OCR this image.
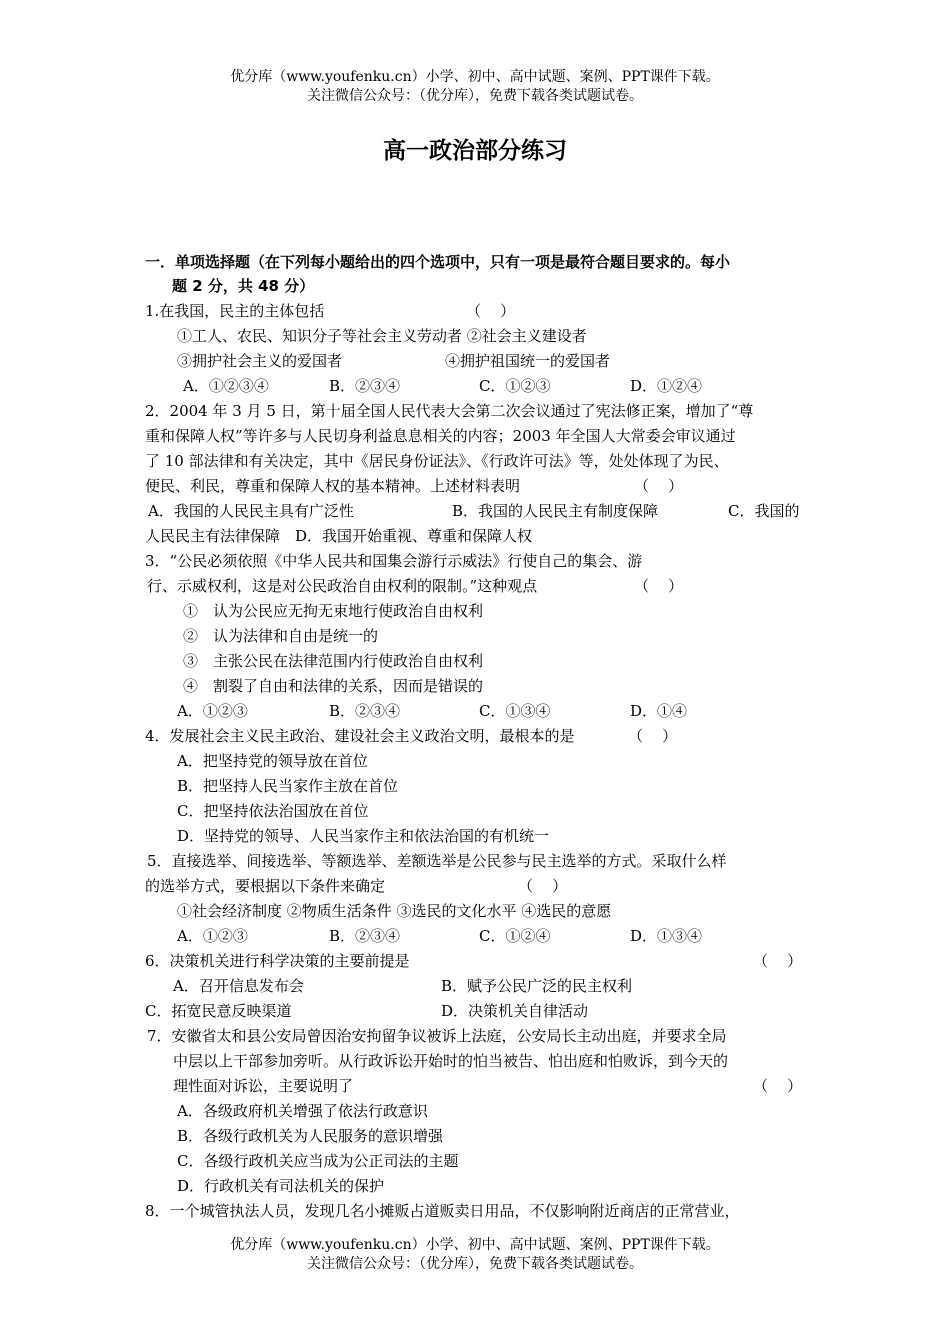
优分库（www.youfenku.cn）小学、初中、高中试题、案例、PPT课件下载。
关注微信公众号：（优分库），免费下载各类试题试卷。
高一政治部分练习
一．单项选择题（在下列每小题给出的四个选项中，只有一项是最符合题目要求的。每小
题 2 分，共 48 分）
1.在我国，民主的主体包括	（    ）
①工人、农民、知识分子等社会主义劳动者 ②社会主义建设者
③拥护社会主义的爱国者	④拥护祖国统一的爱国者
A．①②③④	B．②③④	C．①②③	D．①②④
2．2004 年 3 月 5 日，第十届全国人民代表大会第二次会议通过了宪法修正案，增加了“尊
重和保障人权”等许多与人民切身利益息息相关的内容；2003 年全国人大常委会审议通过
了 10 部法律和有关决定，其中《居民身份证法》、《行政许可法》等，处处体现了为民、
便民、利民，尊重和保障人权的基本精神。上述材料表明	（    ）
A．我国的人民民主具有广泛性	B．我国的人民民主有制度保障	C．我国的
人民民主有法律保障　D．我国开始重视、尊重和保障人权
3．“公民必须依照《中华人民共和国集会游行示威法》行使自己的集会、游
行、示威权利，这是对公民政治自由权利的限制。”这种观点	（    ）
①　认为公民应无拘无束地行使政治自由权利
②　认为法律和自由是统一的
③　主张公民在法律范围内行使政治自由权利
④　割裂了自由和法律的关系，因而是错误的
A．①②③	B．②③④	C．①③④	D．①④
4．发展社会主义民主政治、建设社会主义政治文明，最根本的是	（    ）
A．把坚持党的领导放在首位
B．把坚持人民当家作主放在首位
C．把坚持依法治国放在首位
D．坚持党的领导、人民当家作主和依法治国的有机统一
5．直接选举、间接选举、等额选举、差额选举是公民参与民主选举的方式。采取什么样
的选举方式，要根据以下条件来确定	（    ）
①社会经济制度 ②物质生活条件 ③选民的文化水平 ④选民的意愿
A．①②③	B．②③④	C．①②④	D．①③④
6．决策机关进行科学决策的主要前提是	（    ）
A．召开信息发布会	B．赋予公民广泛的民主权利
C．拓宽民意反映渠道	D．决策机关自律活动
7．安徽省太和县公安局曾因治安拘留争议被诉上法庭，公安局长主动出庭，并要求全局
中层以上干部参加旁听。从行政诉讼开始时的怕当被告、怕出庭和怕败诉，到今天的
理性面对诉讼，主要说明了	（    ）
A．各级政府机关增强了依法行政意识
B．各级行政机关为人民服务的意识增强
C．各级行政机关应当成为公正司法的主题
D．行政机关有司法机关的保护
8．一个城管执法人员，发现几名小摊贩占道贩卖日用品，不仅影响附近商店的正常营业，
优分库（www.youfenku.cn）小学、初中、高中试题、案例、PPT课件下载。
关注微信公众号：（优分库），免费下载各类试题试卷。
